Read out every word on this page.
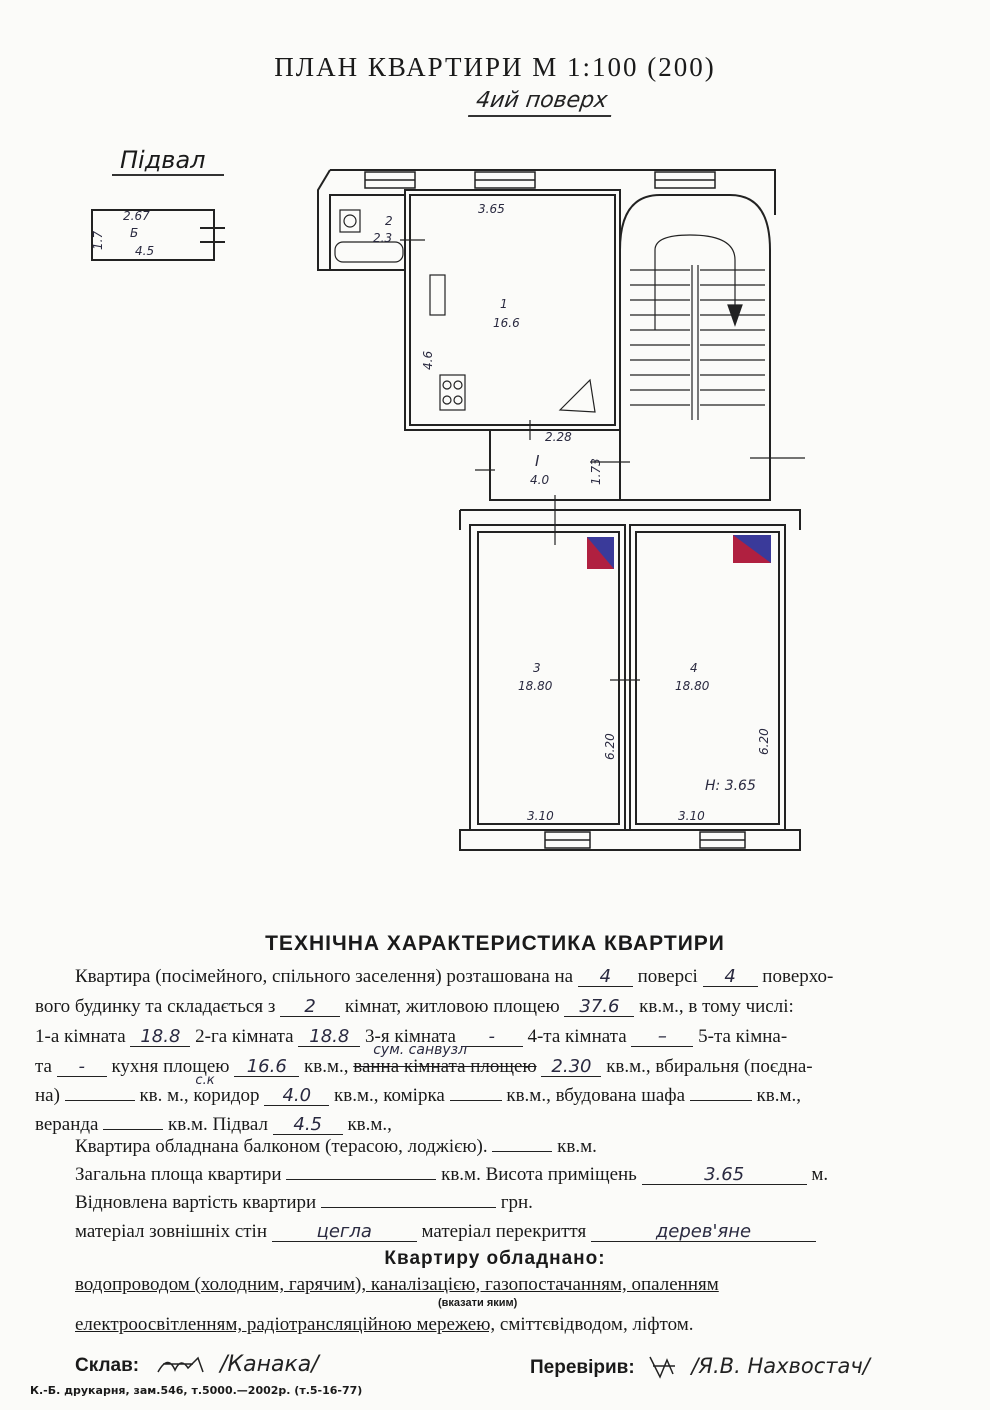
ПЛАН КВАРТИРИ М 1:100 (200)
4ий поверх
Підвал
2.67
Б
4.5
1.7
2
2.3
3.65
1
16.6
4.6
2.28
I
4.0	1.73
3
18.80
3.10
6.20
4
18.80
3.10
6.20
H: 3.65
ТЕХНІЧНА ХАРАКТЕРИСТИКА КВАРТИРИ
Квартира (посімейного, спільного заселення) розташована на 4 поверсі 4 поверхо-
вого будинку та складається з 2 кімнат, житловою площею 37.6 кв.м., в тому числі:
1-а кімната 18.8 2-га кімната 18.8 3-я кімната - 4-та кімната – 5-та кімна-
та - кухня площею 16.6 кв.м., ванна кімната площею
сум. санвузл
2.30 кв.м., вбиральня (поєдна-
на)	кв. м., коридор
с.к
4.0 кв.м., комірка	кв.м., вбудована шафа	кв.м.,
веранда	кв.м. Підвал 4.5 кв.м.,
Квартира обладнана балконом (терасою, лоджією).	кв.м.
Загальна площа квартири	кв.м. Висота приміщень	3.65	м.
Відновлена вартість квартири	грн.
матеріал зовнішніх стін	цегла	матеріал перекриття	дерев'яне
Квартиру обладнано:
водопроводом (холодним, гарячим), каналізацією, газопостачанням, опаленням
(вказати яким)
електроосвітленням, радіотрансляційною мережею, сміттєвідводом, ліфтом.
Склав:	/Канака/	Перевірив:	/Я.В. Нахвостач/
К.-Б. друкарня, зам.546, т.5000.—2002р. (т.5-16-77)
